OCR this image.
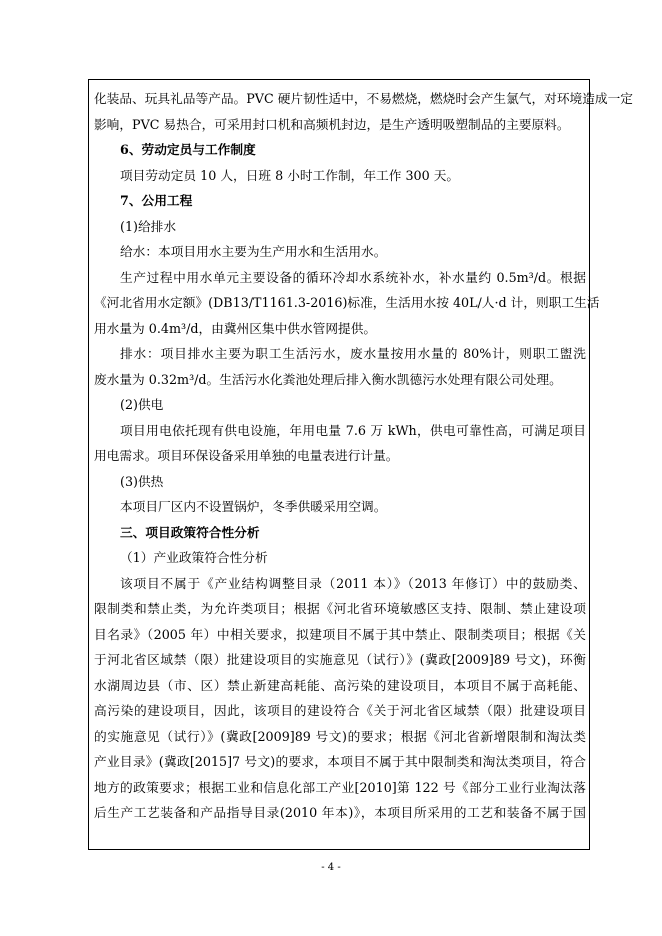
化装品、玩具礼品等产品。PVC 硬片韧性适中，不易燃烧，燃烧时会产生氯气，对环境造成一定
影响，PVC 易热合，可采用封口机和高频机封边，是生产透明吸塑制品的主要原料。
6、劳动定员与工作制度
项目劳动定员 10 人，日班 8 小时工作制，年工作 300 天。
7、公用工程
(1)给排水
给水：本项目用水主要为生产用水和生活用水。
生产过程中用水单元主要设备的循环冷却水系统补水，补水量约 0.5m³/d。根据
《河北省用水定额》(DB13/T1161.3-2016)标准，生活用水按 40L/人·d 计，则职工生活
用水量为 0.4m³/d，由冀州区集中供水管网提供。
排水：项目排水主要为职工生活污水，废水量按用水量的 80%计，则职工盥洗
废水量为 0.32m³/d。生活污水化粪池处理后排入衡水凯德污水处理有限公司处理。
(2)供电
项目用电依托现有供电设施，年用电量 7.6 万 kWh，供电可靠性高，可满足项目
用电需求。项目环保设备采用单独的电量表进行计量。
(3)供热
本项目厂区内不设置锅炉，冬季供暖采用空调。
三、项目政策符合性分析
（1）产业政策符合性分析
该项目不属于《产业结构调整目录（2011 本）》（2013 年修订）中的鼓励类、
限制类和禁止类，为允许类项目；根据《河北省环境敏感区支持、限制、禁止建设项
目名录》（2005 年）中相关要求，拟建项目不属于其中禁止、限制类项目；根据《关
于河北省区域禁（限）批建设项目的实施意见（试行）》(冀政[2009]89 号文)，环衡
水湖周边县（市、区）禁止新建高耗能、高污染的建设项目，本项目不属于高耗能、
高污染的建设项目，因此，该项目的建设符合《关于河北省区域禁（限）批建设项目
的实施意见（试行）》(冀政[2009]89 号文)的要求；根据《河北省新增限制和淘汰类
产业目录》(冀政[2015]7 号文)的要求，本项目不属于其中限制类和淘汰类项目，符合
地方的政策要求；根据工业和信息化部工产业[2010]第 122 号《部分工业行业淘汰落
后生产工艺装备和产品指导目录(2010 年本)》，本项目所采用的工艺和装备不属于国
- 4 -
